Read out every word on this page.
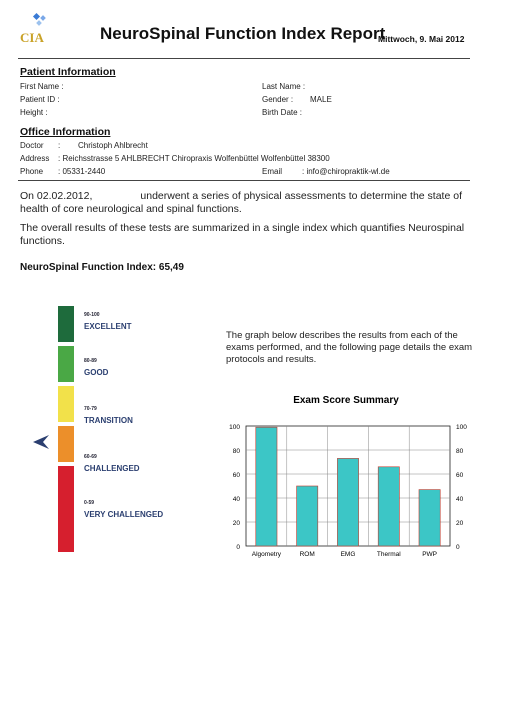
CIA	NeuroSpinal Function Index Report
Mittwoch, 9. Mai 2012
Patient Information
First Name :
Patient ID :
Height :
Last Name :
Gender : MALE
Birth Date :
Office Information
Doctor : Christoph Ahlbrecht
Address : Reichsstrasse 5 AHLBRECHT Chiropraxis Wolfenbüttel Wolfenbüttel 38300
Phone : 05331-2440	Email : info@chiropraktik-wl.de
On 02.02.2012,	underwent a series of physical assessments to determine the state of health of core neurological and spinal functions.
The overall results of these tests are summarized in a single index which quantifies Neurospinal functions.
NeuroSpinal Function Index: 65,49
90-100
EXCELLENT
80-89
GOOD
70-79
TRANSITION
60-69
CHALLENGED
0-59
VERY CHALLENGED
The graph below describes the results from each of the exams performed, and the following page details the exam protocols and results.
Exam Score Summary
0	0
20	20
40	40
60	60
80	80
100	100
Algometry	ROM	EMG	Thermal	PWP
